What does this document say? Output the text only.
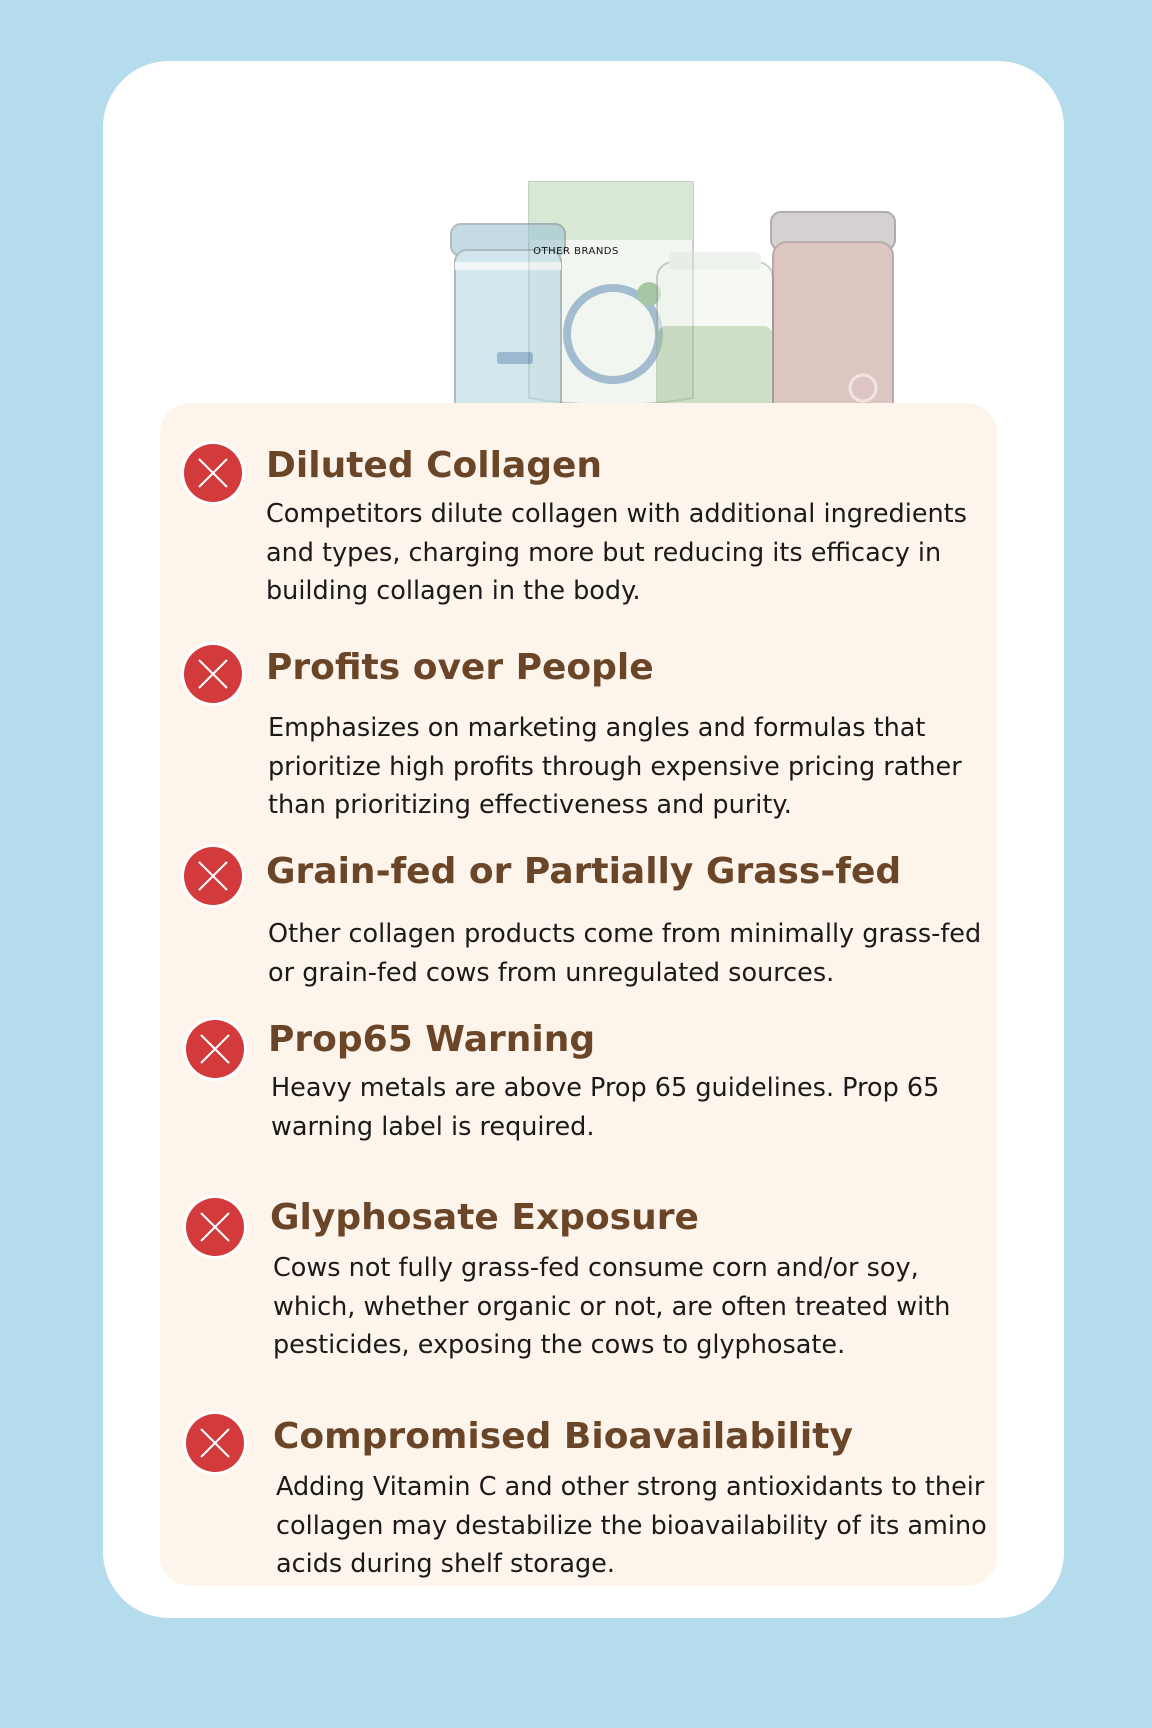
OTHER BRANDS
Diluted Collagen

Competitors dilute collagen with additional ingredients and types, charging more but reducing its efficacy in building collagen in the body.

Profits over People

Emphasizes on marketing angles and formulas that prioritize high profits through expensive pricing rather than prioritizing effectiveness and purity.

Grain-fed or Partially Grass-fed

Other collagen products come from minimally grass-fed or grain-fed cows from unregulated sources.

Prop65 Warning

Heavy metals are above Prop 65 guidelines. Prop 65 warning label is required.

Glyphosate Exposure

Cows not fully grass-fed consume corn and/or soy, which, whether organic or not, are often treated with pesticides, exposing the cows to glyphosate.

Compromised Bioavailability

Adding Vitamin C and other strong antioxidants to their collagen may destabilize the bioavailability of its amino acids during shelf storage.
